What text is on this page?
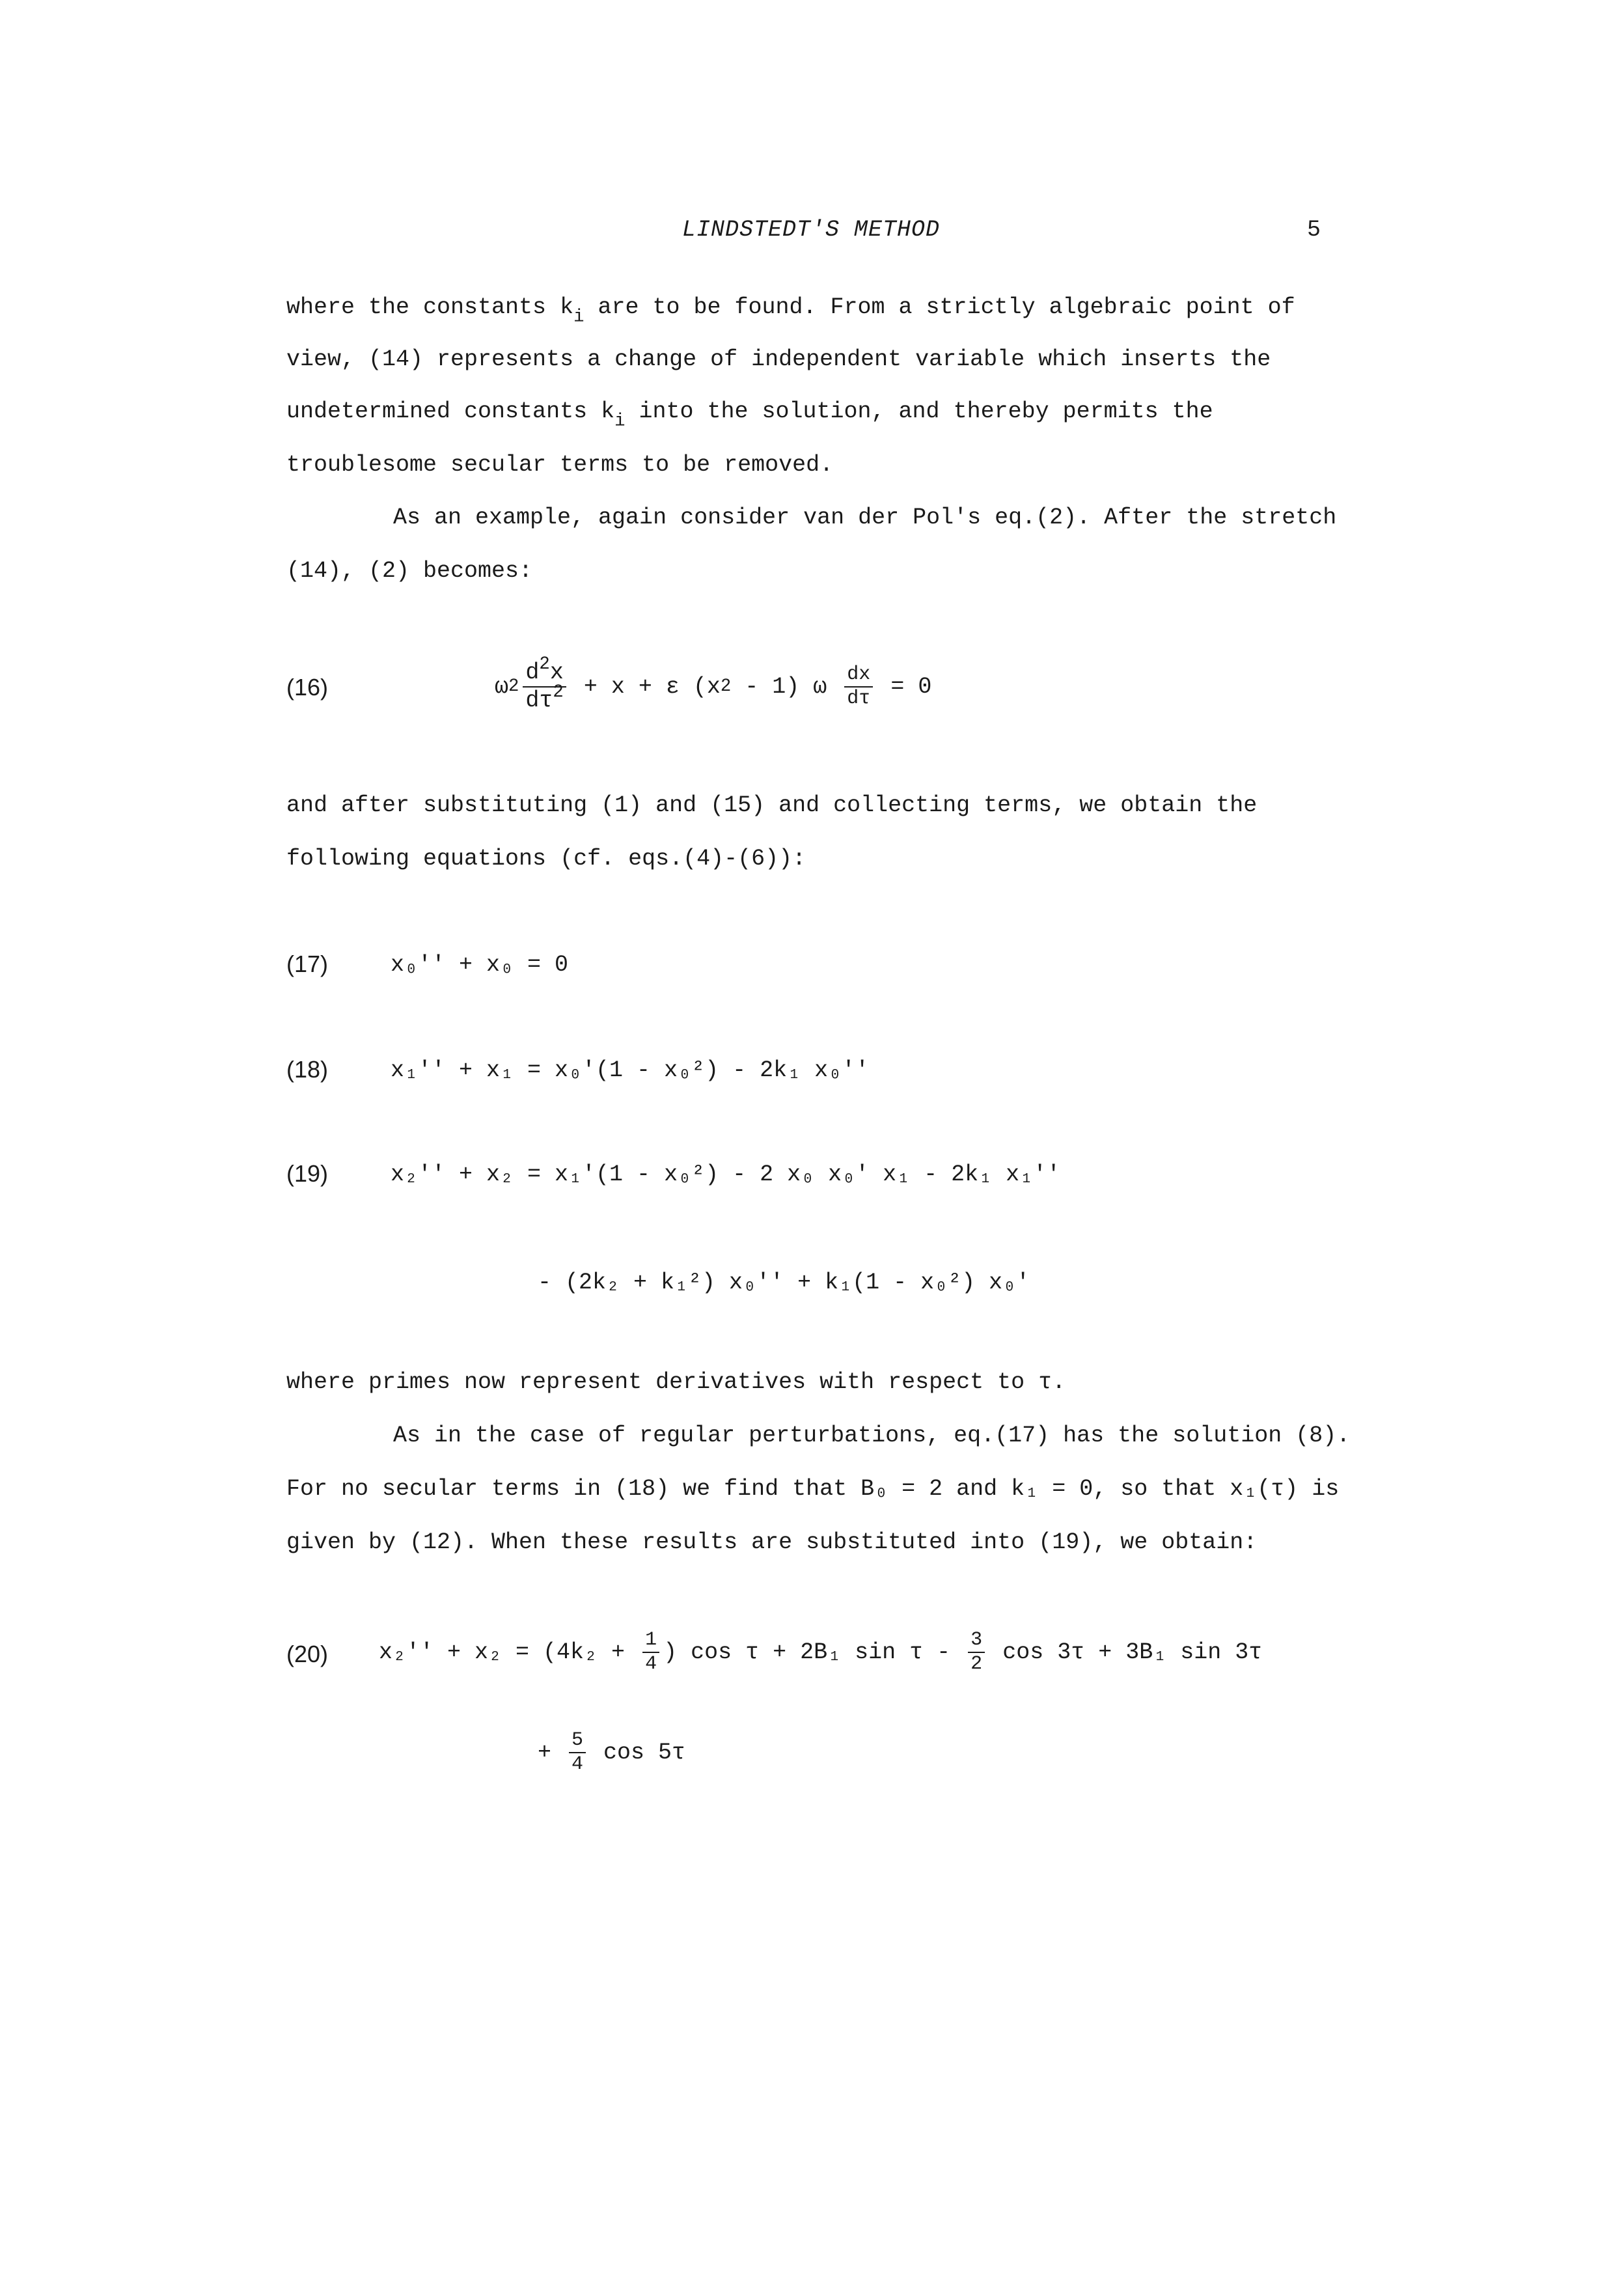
LINDSTEDT'S METHOD	5
where the constants $k_i$ are to be found. From a strictly algebraic point of
view, (14) represents a change of independent variable which inserts the
undetermined constants $k_i$ into the solution, and thereby permits the
troublesome secular terms to be removed.
As an example, again consider van der Pol's eq.(2). After the stretch
(14), (2) becomes:
(16)	ω $2 \frac{d^2x}{d\tau^2} + x + \varepsilon$ (x 2 - 1) ω $\frac{dx}{d\tau} = 0$
and after substituting (1) and (15) and collecting terms, we obtain the
following equations (cf. eqs.(4)-(6)):
(17)	x₀'' + x₀ = 0
(18)	x₁'' + x₁ = x₀'(1 - x₀²) - 2k₁ x₀''
(19)	x₂'' + x₂ = x₁'(1 - x₀²) - 2 x₀ x₀' x₁ - 2k₁ x₁''
- (2k₂ + k₁²) x₀'' + k₁(1 - x₀²) x₀'
where primes now represent derivatives with respect to τ.
As in the case of regular perturbations, eq.(17) has the solution (8).
For no secular terms in (18) we find that B₀ = 2 and k₁ = 0, so that x₁(τ) is
given by (12). When these results are substituted into (19), we obtain:
(20) $x_2'' + x_2 = (4k_2 + \frac{1}{4}$ ) cos τ + 2B₁ sin τ - $\frac{3}{2}$ cos 3τ + 3B₁ sin 3τ
+ $\frac{5}{4}$ cos 5τ
